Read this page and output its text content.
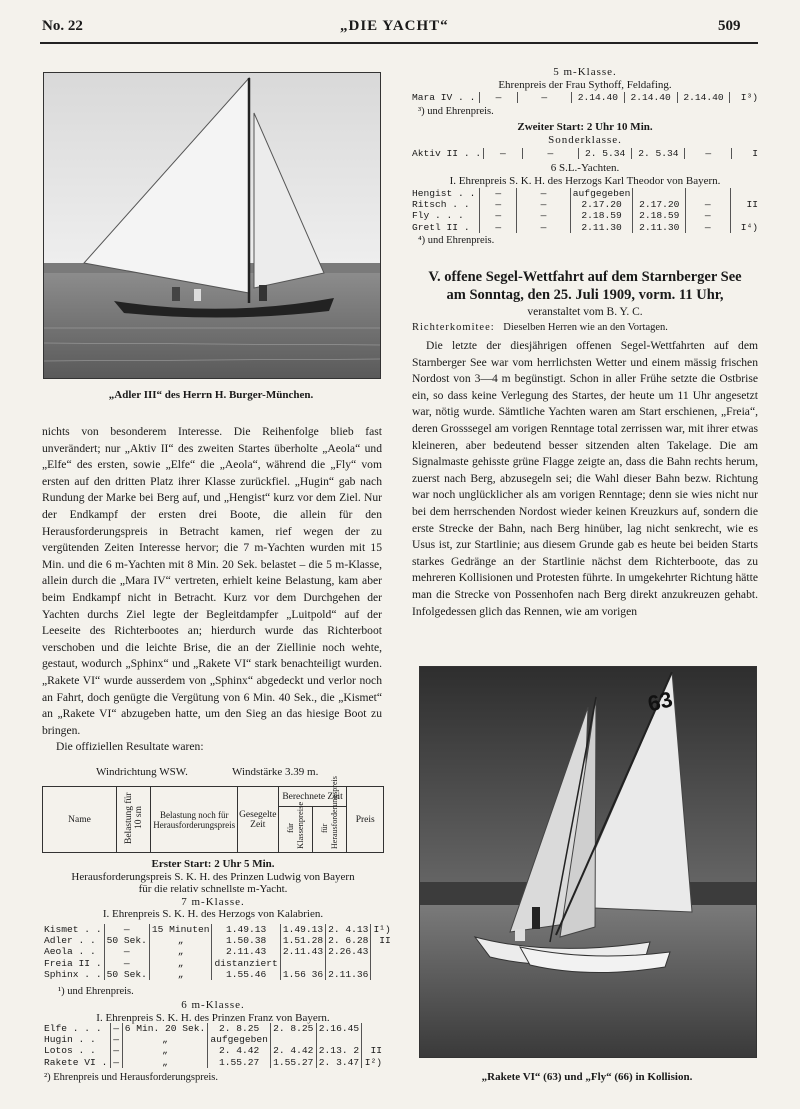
No. 22	„DIE YACHT“	509
„Adler III“ des Herrn H. Burger-München.

nichts von besonderem Interesse. Die Reihenfolge blieb fast unverändert; nur „Aktiv II“ des zweiten Startes überholte „Aeola“ und „Elfe“ des ersten, sowie „Elfe“ die „Aeola“, während die „Fly“ vom ersten auf den dritten Platz ihrer Klasse zurückfiel. „Hugin“ gab nach Rundung der Marke bei Berg auf, und „Hengist“ kurz vor dem Ziel. Nur der Endkampf der ersten drei Boote, die allein für den Herausforderungspreis in Betracht kamen, rief wegen der zu vergütenden Zeiten Interesse hervor; die 7 m-Yachten wurden mit 15 Min. und die 6 m-Yachten mit 8 Min. 20 Sek. belastet – die 5 m-Klasse, allein durch die „Mara IV“ vertreten, erhielt keine Belastung, kam aber beim Endkampf nicht in Betracht. Kurz vor dem Durchgehen der Yachten durchs Ziel legte der Begleitdampfer „Luitpold“ auf der Leeseite des Richterbootes an; hierdurch wurde das Richterboot verschoben und die leichte Brise, die an der Ziellinie noch wehte, gestaut, wodurch „Sphinx“ und „Rakete VI“ stark benachteiligt wurden. „Rakete VI“ wurde ausserdem von „Sphinx“ abgedeckt und verlor noch an Fahrt, doch genügte die Vergütung von 6 Min. 40 Sek., die „Kismet“ an „Rakete VI“ abzugeben hatte, um den Sieg an das hiesige Boot zu bringen.

Die offiziellen Resultate waren:

Windrichtung WSW.	Windstärke 3.39 m.
Name	Belastung für 10 sm	Belastung noch für Herausforderungspreis	Gesegelte Zeit	Berechnete Zeit		Preis
				für Klassenpreise	für Herausforderungspreis	
Erster Start: 2 Uhr 5 Min.
Herausforderungspreis S. K. H. des Prinzen Ludwig von Bayern
für die relativ schnellste m-Yacht.
7 m-Klasse.
I. Ehrenpreis S. K. H. des Herzogs von Kalabrien.
Kismet . .	—	15 Minuten	1.49.13	1.49.13	2. 4.13	I¹)
Adler . .	50 Sek.	„	1.50.38	1.51.28	2. 6.28	II
Aeola . .	—	„	2.11.43	2.11.43	2.26.43	
Freia II .	—	„	distanziert			
Sphinx . .	50 Sek.	„	1.55.46	1.56 36	2.11.36	
¹) und Ehrenpreis.
6 m-Klasse.
I. Ehrenpreis S. K. H. des Prinzen Franz von Bayern.
Elfe . . .	—	6 Min. 20 Sek.	2. 8.25	2. 8.25	2.16.45	
Hugin . .	—	„	aufgegeben			
Lotos . .	—	„	2. 4.42	2. 4.42	2.13. 2	II
Rakete VI .	—	„	1.55.27	1.55.27	2. 3.47	I²)
²) Ehrenpreis und Herausforderungspreis.
5 m-Klasse.
Ehrenpreis der Frau Sythoff, Feldafing.
Mara IV . .	—	—	2.14.40	2.14.40	2.14.40	I³)
³) und Ehrenpreis.
Zweiter Start: 2 Uhr 10 Min.
Sonderklasse.
Aktiv II . .	—	—	2. 5.34	2. 5.34	—	I
6 S.L.-Yachten.
I. Ehrenpreis S. K. H. des Herzogs Karl Theodor von Bayern.
Hengist . .	—	—	aufgegeben			
Ritsch . .	—	—	2.17.20	2.17.20	—	II
Fly . . .	—	—	2.18.59	2.18.59	—	
Gretl II .	—	—	2.11.30	2.11.30	—	I⁴)
⁴) und Ehrenpreis.
V. offene Segel-Wettfahrt auf dem Starnberger See
am Sonntag, den 25. Juli 1909, vorm. 11 Uhr,
veranstaltet vom B. Y. C.
Richterkomitee: Dieselben Herren wie an den Vortagen.

Die letzte der diesjährigen offenen Segel-Wettfahrten auf dem Starnberger See war vom herrlichsten Wetter und einem mässig frischen Nordost von 3—4 m begünstigt. Schon in aller Frühe setzte die Ostbrise ein, so dass keine Verlegung des Startes, der heute um 11 Uhr angesetzt war, nötig wurde. Sämtliche Yachten waren am Start erschienen, „Freia“, deren Grosssegel am vorigen Renntage total zerrissen war, mit ihrer etwas kleineren, aber bedeutend besser sitzenden alten Takelage. Die am Signalmaste gehisste grüne Flagge zeigte an, dass die Bahn rechts herum, zuerst nach Berg, abzusegeln sei; die Wahl dieser Bahn bezw. Richtung war noch unglücklicher als am vorigen Renntage; denn sie wies nicht nur bei dem herrschenden Nordost wieder keinen Kreuzkurs auf, sondern die erste Strecke der Bahn, nach Berg hinüber, lag nicht senkrecht, wie es Usus ist, zur Startlinie; aus diesem Grunde gab es heute bei beiden Starts starkes Gedränge an der Startlinie nächst dem Richterboote, das zu mehreren Kollisionen und Protesten führte. In umgekehrter Richtung hätte man die Strecke von Possenhofen nach Berg direkt anzukreuzen gehabt. Infolgedessen glich das Rennen, wie am vorigen

63
„Rakete VI“ (63) und „Fly“ (66) in Kollision.
